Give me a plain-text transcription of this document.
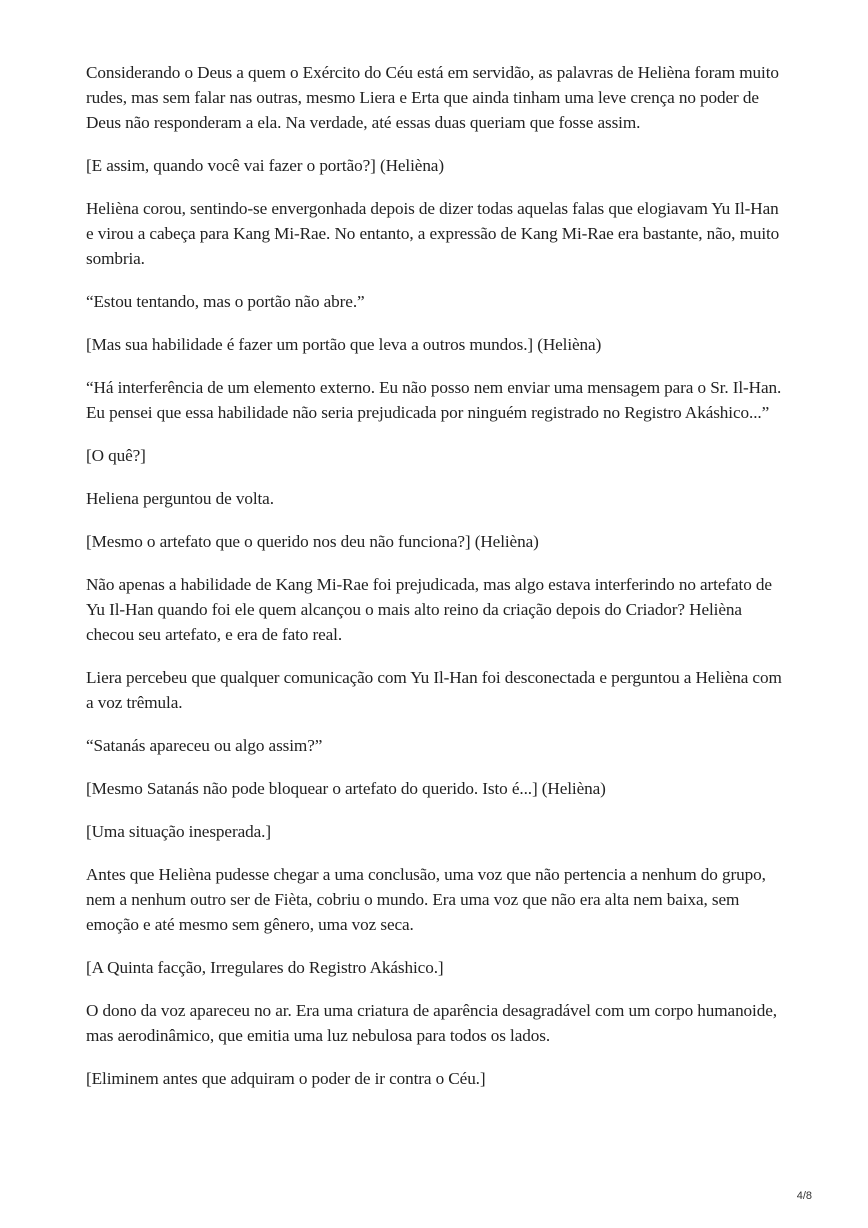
Considerando o Deus a quem o Exército do Céu está em servidão, as palavras de Helièna foram muito rudes, mas sem falar nas outras, mesmo Liera e Erta que ainda tinham uma leve crença no poder de Deus não responderam a ela. Na verdade, até essas duas queriam que fosse assim.

[E assim, quando você vai fazer o portão?] (Helièna)

Helièna corou, sentindo-se envergonhada depois de dizer todas aquelas falas que elogiavam Yu Il-Han e virou a cabeça para Kang Mi-Rae. No entanto, a expressão de Kang Mi-Rae era bastante, não, muito sombria.

“Estou tentando, mas o portão não abre.”

[Mas sua habilidade é fazer um portão que leva a outros mundos.] (Helièna)

“Há interferência de um elemento externo. Eu não posso nem enviar uma mensagem para o Sr. Il-Han. Eu pensei que essa habilidade não seria prejudicada por ninguém registrado no Registro Akáshico...”

[O quê?]

Heliena perguntou de volta.

[Mesmo o artefato que o querido nos deu não funciona?] (Helièna)

Não apenas a habilidade de Kang Mi-Rae foi prejudicada, mas algo estava interferindo no artefato de Yu Il-Han quando foi ele quem alcançou o mais alto reino da criação depois do Criador? Helièna checou seu artefato, e era de fato real.

Liera percebeu que qualquer comunicação com Yu Il-Han foi desconectada e perguntou a Helièna com a voz trêmula.

“Satanás apareceu ou algo assim?”

[Mesmo Satanás não pode bloquear o artefato do querido. Isto é...] (Helièna)

[Uma situação inesperada.]

Antes que Helièna pudesse chegar a uma conclusão, uma voz que não pertencia a nenhum do grupo, nem a nenhum outro ser de Fièta, cobriu o mundo. Era uma voz que não era alta nem baixa, sem emoção e até mesmo sem gênero, uma voz seca.

[A Quinta facção, Irregulares do Registro Akáshico.]

O dono da voz apareceu no ar. Era uma criatura de aparência desagradável com um corpo humanoide, mas aerodinâmico, que emitia uma luz nebulosa para todos os lados.

[Eliminem antes que adquiram o poder de ir contra o Céu.]

4/8
